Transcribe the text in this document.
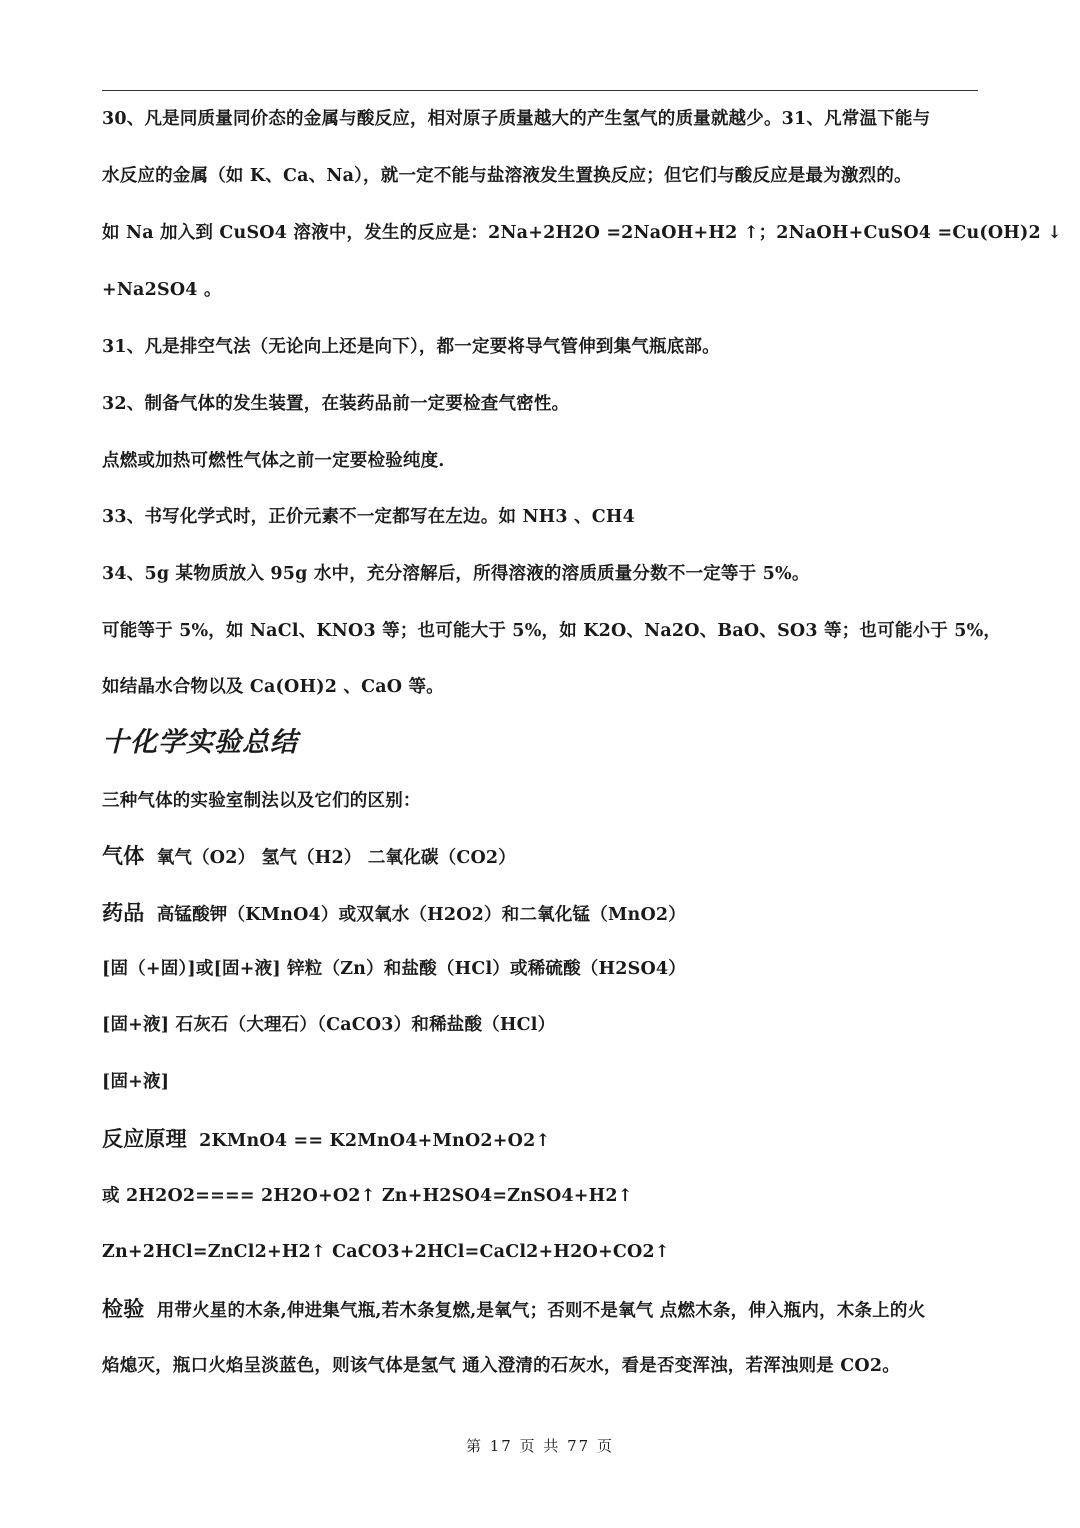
30、凡是同质量同价态的金属与酸反应，相对原子质量越大的产生氢气的质量就越少。31、凡常温下能与
水反应的金属（如 K、Ca、Na），就一定不能与盐溶液发生置换反应；但它们与酸反应是最为激烈的。
如 Na 加入到 CuSO4 溶液中，发生的反应是：2Na+2H2O =2NaOH+H2 ↑；2NaOH+CuSO4 =Cu(OH)2 ↓
+Na2SO4 。
31、凡是排空气法（无论向上还是向下），都一定要将导气管伸到集气瓶底部。
32、制备气体的发生装置，在装药品前一定要检查气密性。
点燃或加热可燃性气体之前一定要检验纯度.
33、书写化学式时，正价元素不一定都写在左边。如 NH3 、CH4
34、5g 某物质放入 95g 水中，充分溶解后，所得溶液的溶质质量分数不一定等于 5%。
可能等于 5%，如 NaCl、KNO3 等；也可能大于 5%，如 K2O、Na2O、BaO、SO3 等；也可能小于 5%，
如结晶水合物以及 Ca(OH)2 、CaO 等。
十化学实验总结
三种气体的实验室制法以及它们的区别：
气体 氧气（O2） 氢气（H2） 二氧化碳（CO2）
药品 高锰酸钾（KMnO4）或双氧水（H2O2）和二氧化锰（MnO2）
[固（+固）]或[固+液] 锌粒（Zn）和盐酸（HCl）或稀硫酸（H2SO4）
[固+液] 石灰石（大理石）（CaCO3）和稀盐酸（HCl）
[固+液]
反应原理 2KMnO4 == K2MnO4+MnO2+O2↑
或 2H2O2==== 2H2O+O2↑ Zn+H2SO4=ZnSO4+H2↑
Zn+2HCl=ZnCl2+H2↑ CaCO3+2HCl=CaCl2+H2O+CO2↑
检验 用带火星的木条,伸进集气瓶,若木条复燃,是氧气；否则不是氧气 点燃木条，伸入瓶内，木条上的火
焰熄灭，瓶口火焰呈淡蓝色，则该气体是氢气 通入澄清的石灰水，看是否变浑浊，若浑浊则是 CO2。
第 17 页 共 77 页
